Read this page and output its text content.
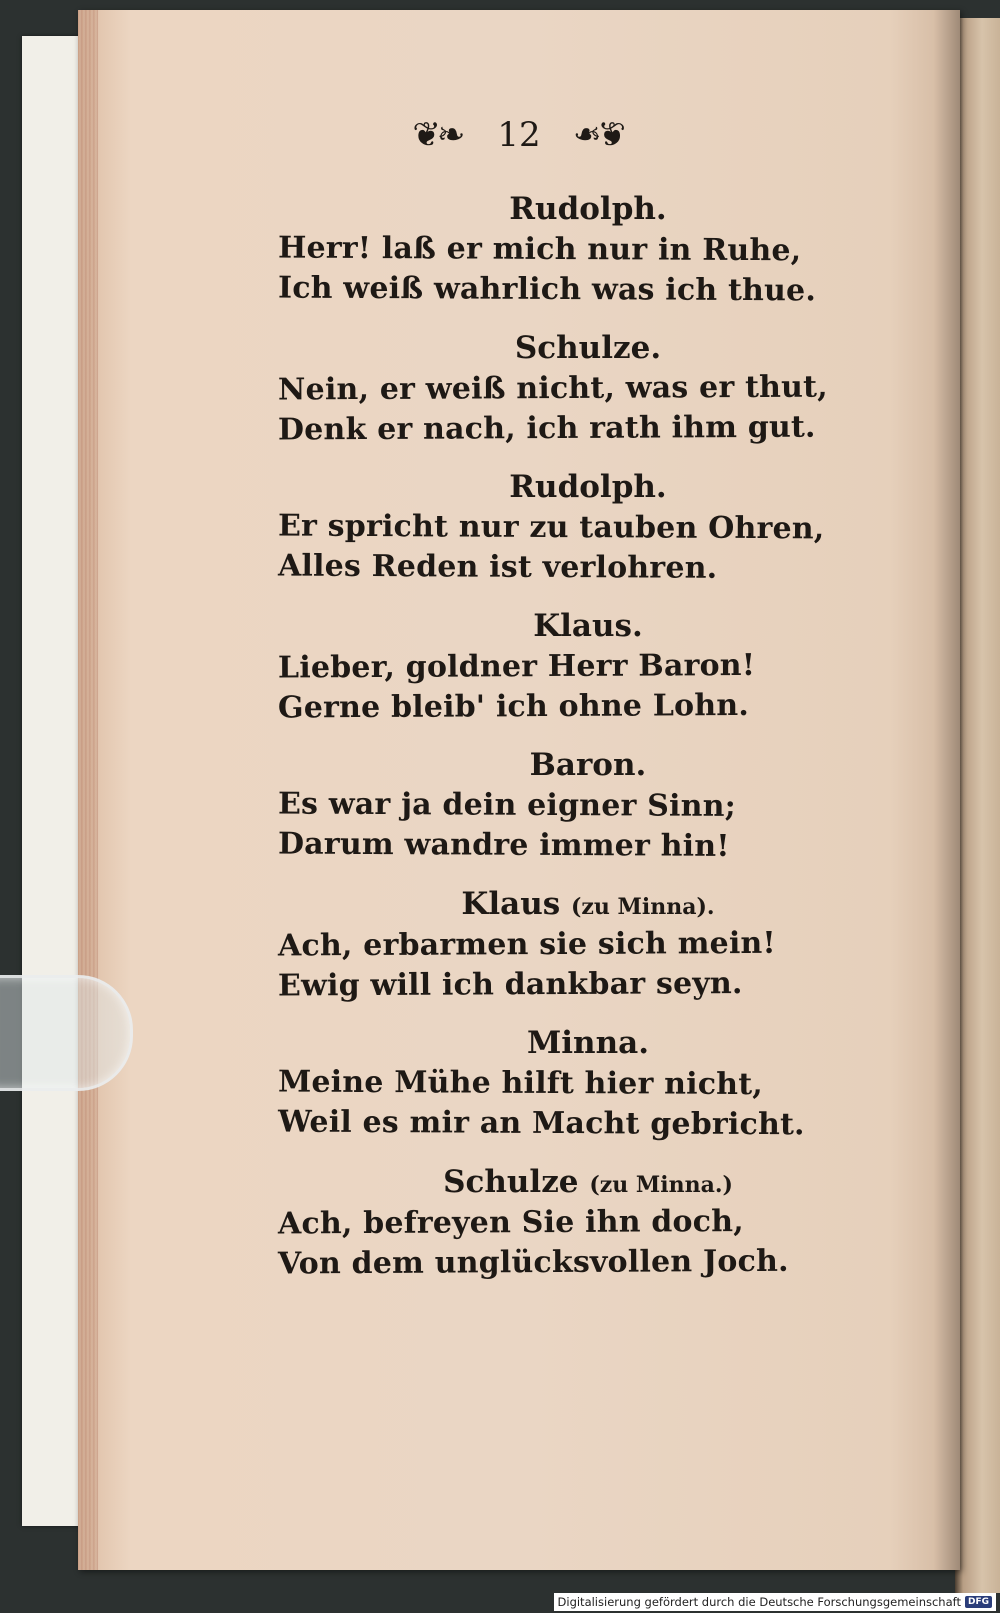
❦❧ 12 ❦❧
Rudolph.
Herr! laß er mich nur in Ruhe,
Ich weiß wahrlich was ich thue.
Schulze.
Nein, er weiß nicht, was er thut,
Denk er nach, ich rath ihm gut.
Rudolph.
Er spricht nur zu tauben Ohren,
Alles Reden ist verlohren.
Klaus.
Lieber, goldner Herr Baron!
Gerne bleib' ich ohne Lohn.
Baron.
Es war ja dein eigner Sinn;
Darum wandre immer hin!
Klaus (zu Minna).
Ach, erbarmen sie sich mein!
Ewig will ich dankbar seyn.
Minna.
Meine Mühe hilft hier nicht,
Weil es mir an Macht gebricht.
Schulze (zu Minna.)
Ach, befreyen Sie ihn doch,
Von dem unglücksvollen Joch.
Digitalisierung gefördert durch die Deutsche Forschungsgemeinschaft DFG
